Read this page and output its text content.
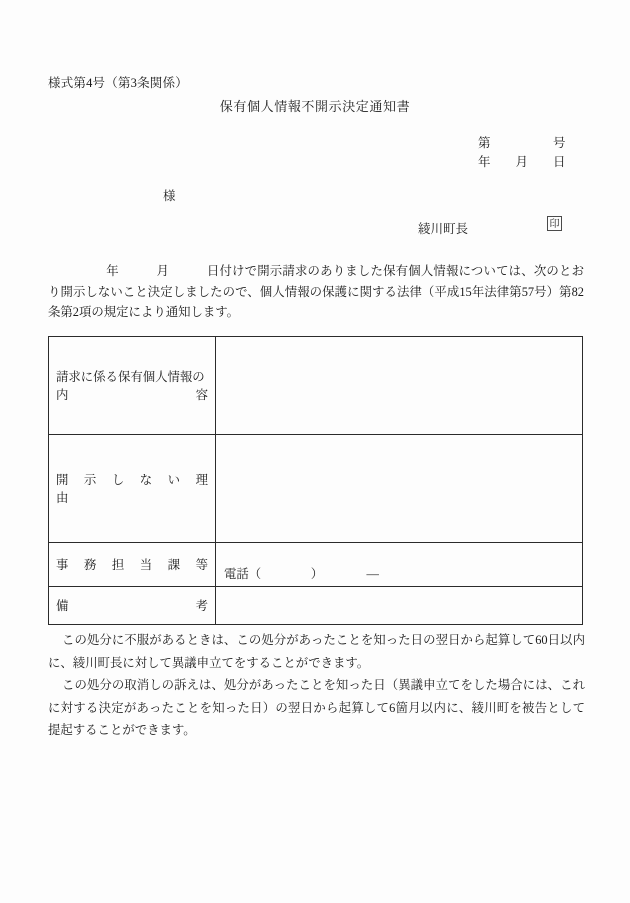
様式第4号（第3条関係）
保有個人情報不開示決定通知書
第　　　　　号
年　　月　　日
様
綾川町長	印
年　　　月　　　日付けで開示請求のありました保有個人情報については、次のとおり開示しないこと決定しましたので、個人情報の保護に関する法律（平成15年法律第57号）第82条第2項の規定により通知します。
請求に係る保有個人情報の
内　　　　　　　　　　容	

開　示　し　な　い　理　由	

事　務　担　当　課　等	電話（　　　　）　　　　—

備　　　　　　　　　　考	

この処分に不服があるときは、この処分があったことを知った日の翌日から起算して60日以内に、綾川町長に対して異議申立てをすることができます。

この処分の取消しの訴えは、処分があったことを知った日（異議申立てをした場合には、これに対する決定があったことを知った日）の翌日から起算して6箇月以内に、綾川町を被告として提起することができます。
